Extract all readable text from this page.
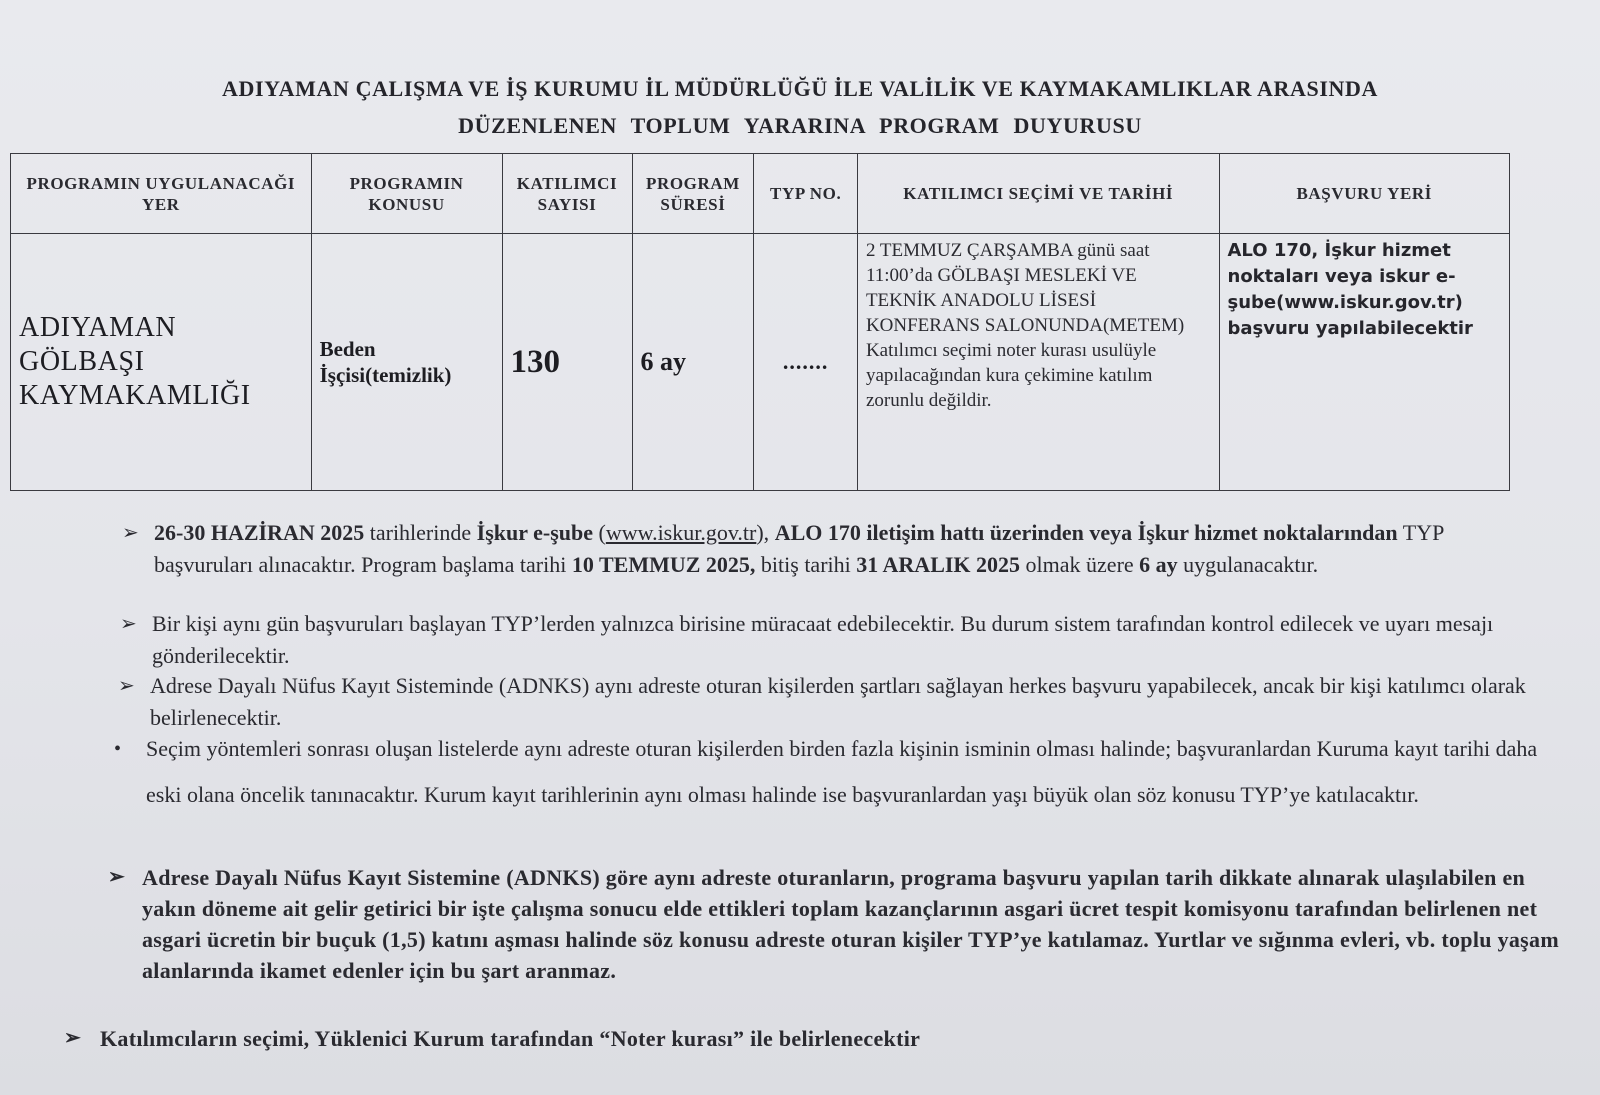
ADIYAMAN ÇALIŞMA VE İŞ KURUMU İL MÜDÜRLÜĞÜ İLE VALİLİK VE KAYMAKAMLIKLAR ARASINDA
DÜZENLENEN TOPLUM YARARINA PROGRAM DUYURUSU
PROGRAMIN UYGULANACAĞI YER	PROGRAMIN KONUSU	KATILIMCI SAYISI	PROGRAM SÜRESİ	TYP NO.	KATILIMCI SEÇİMİ VE TARİHİ	BAŞVURU YERİ
ADIYAMAN GÖLBAŞI KAYMAKAMLIĞI	Beden İşçisi(temizlik)	130	6 ay	.......	2 TEMMUZ ÇARŞAMBA günü saat 11:00’da GÖLBAŞI MESLEKİ VE TEKNİK ANADOLU LİSESİ KONFERANS SALONUNDA(METEM) Katılımcı seçimi noter kurası usulüyle yapılacağından kura çekimine katılım zorunlu değildir.	ALO 170, İşkur hizmet noktaları veya iskur e-şube(www.iskur.gov.tr) başvuru yapılabilecektir
➢ 26-30 HAZİRAN 2025 tarihlerinde İşkur e-şube (www.iskur.gov.tr), ALO 170 iletişim hattı üzerinden veya İşkur hizmet noktalarından TYP başvuruları alınacaktır. Program başlama tarihi 10 TEMMUZ 2025, bitiş tarihi 31 ARALIK 2025 olmak üzere 6 ay uygulanacaktır.
➢ Bir kişi aynı gün başvuruları başlayan TYP’lerden yalnızca birisine müracaat edebilecektir. Bu durum sistem tarafından kontrol edilecek ve uyarı mesajı gönderilecektir.
➢ Adrese Dayalı Nüfus Kayıt Sisteminde (ADNKS) aynı adreste oturan kişilerden şartları sağlayan herkes başvuru yapabilecek, ancak bir kişi katılımcı olarak belirlenecektir.
• Seçim yöntemleri sonrası oluşan listelerde aynı adreste oturan kişilerden birden fazla kişinin isminin olması halinde; başvuranlardan Kuruma kayıt tarihi daha eski olana öncelik tanınacaktır. Kurum kayıt tarihlerinin aynı olması halinde ise başvuranlardan yaşı büyük olan söz konusu TYP’ye katılacaktır.
➢ Adrese Dayalı Nüfus Kayıt Sistemine (ADNKS) göre aynı adreste oturanların, programa başvuru yapılan tarih dikkate alınarak ulaşılabilen en yakın döneme ait gelir getirici bir işte çalışma sonucu elde ettikleri toplam kazançlarının asgari ücret tespit komisyonu tarafından belirlenen net asgari ücretin bir buçuk (1,5) katını aşması halinde söz konusu adreste oturan kişiler TYP’ye katılamaz. Yurtlar ve sığınma evleri, vb. toplu yaşam alanlarında ikamet edenler için bu şart aranmaz.
➢ Katılımcıların seçimi, Yüklenici Kurum tarafından “Noter kurası” ile belirlenecektir
